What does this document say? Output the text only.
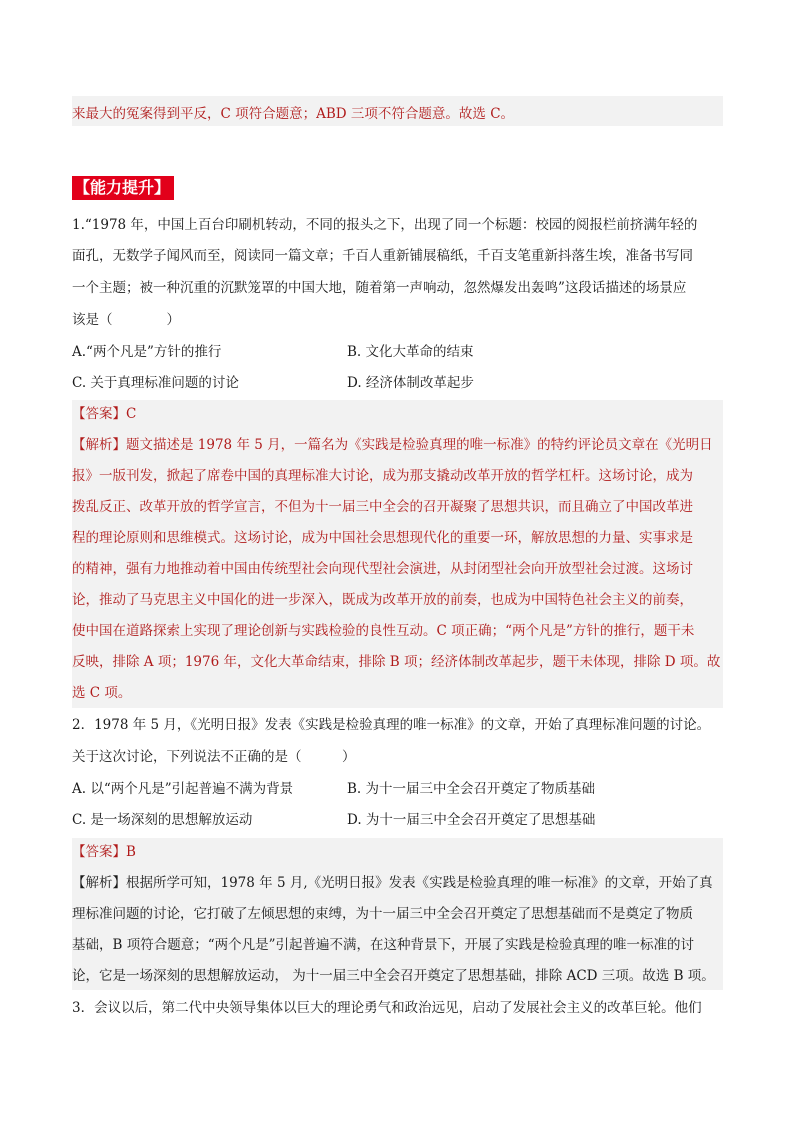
来最大的冤案得到平反，C 项符合题意；ABD 三项不符合题意。故选 C。
【能力提升】
1.“1978 年，中国上百台印刷机转动，不同的报头之下，出现了同一个标题：校园的阅报栏前挤满年轻的
面孔，无数学子闻风而至，阅读同一篇文章；千百人重新铺展稿纸，千百支笔重新抖落生埃，准备书写同
一个主题；被一种沉重的沉默笼罩的中国大地，随着第一声响动，忽然爆发出轰鸣”这段话描述的场景应
该是（　　　　）
A.“两个凡是”方针的推行	B. 文化大革命的结束
C. 关于真理标准问题的讨论	D. 经济体制改革起步
【答案】C
【解析】题文描述是 1978 年 5 月，一篇名为《实践是检验真理的唯一标准》的特约评论员文章在《光明日
报》一版刊发，掀起了席卷中国的真理标准大讨论，成为那支撬动改革开放的哲学杠杆。这场讨论，成为
拨乱反正、改革开放的哲学宣言，不但为十一届三中全会的召开凝聚了思想共识，而且确立了中国改革进
程的理论原则和思维模式。这场讨论，成为中国社会思想现代化的重要一环，解放思想的力量、实事求是
的精神，强有力地推动着中国由传统型社会向现代型社会演进，从封闭型社会向开放型社会过渡。这场讨
论，推动了马克思主义中国化的进一步深入，既成为改革开放的前奏，也成为中国特色社会主义的前奏，
使中国在道路探索上实现了理论创新与实践检验的良性互动。C 项正确；“两个凡是”方针的推行，题干未
反映，排除 A 项；1976 年，文化大革命结束，排除 B 项；经济体制改革起步，题干未体现，排除 D 项。故
选 C 项。
2．1978 年 5 月，《光明日报》发表《实践是检验真理的唯一标准》的文章，开始了真理标准问题的讨论。
关于这次讨论，下列说法不正确的是（　　　）
A. 以“两个凡是”引起普遍不满为背景	B. 为十一届三中全会召开奠定了物质基础
C. 是一场深刻的思想解放运动	D. 为十一届三中全会召开奠定了思想基础
【答案】B
【解析】根据所学可知，1978 年 5 月,《光明日报》发表《实践是检验真理的唯一标准》的文章，开始了真
理标准问题的讨论，它打破了左倾思想的束缚，为十一届三中全会召开奠定了思想基础而不是奠定了物质
基础，B 项符合题意；“两个凡是”引起普遍不满，在这种背景下，开展了实践是检验真理的唯一标准的讨
论，它是一场深刻的思想解放运动， 为十一届三中全会召开奠定了思想基础，排除 ACD 三项。故选 B 项。
3．会议以后，第二代中央领导集体以巨大的理论勇气和政治远见，启动了发展社会主义的改革巨轮。他们
